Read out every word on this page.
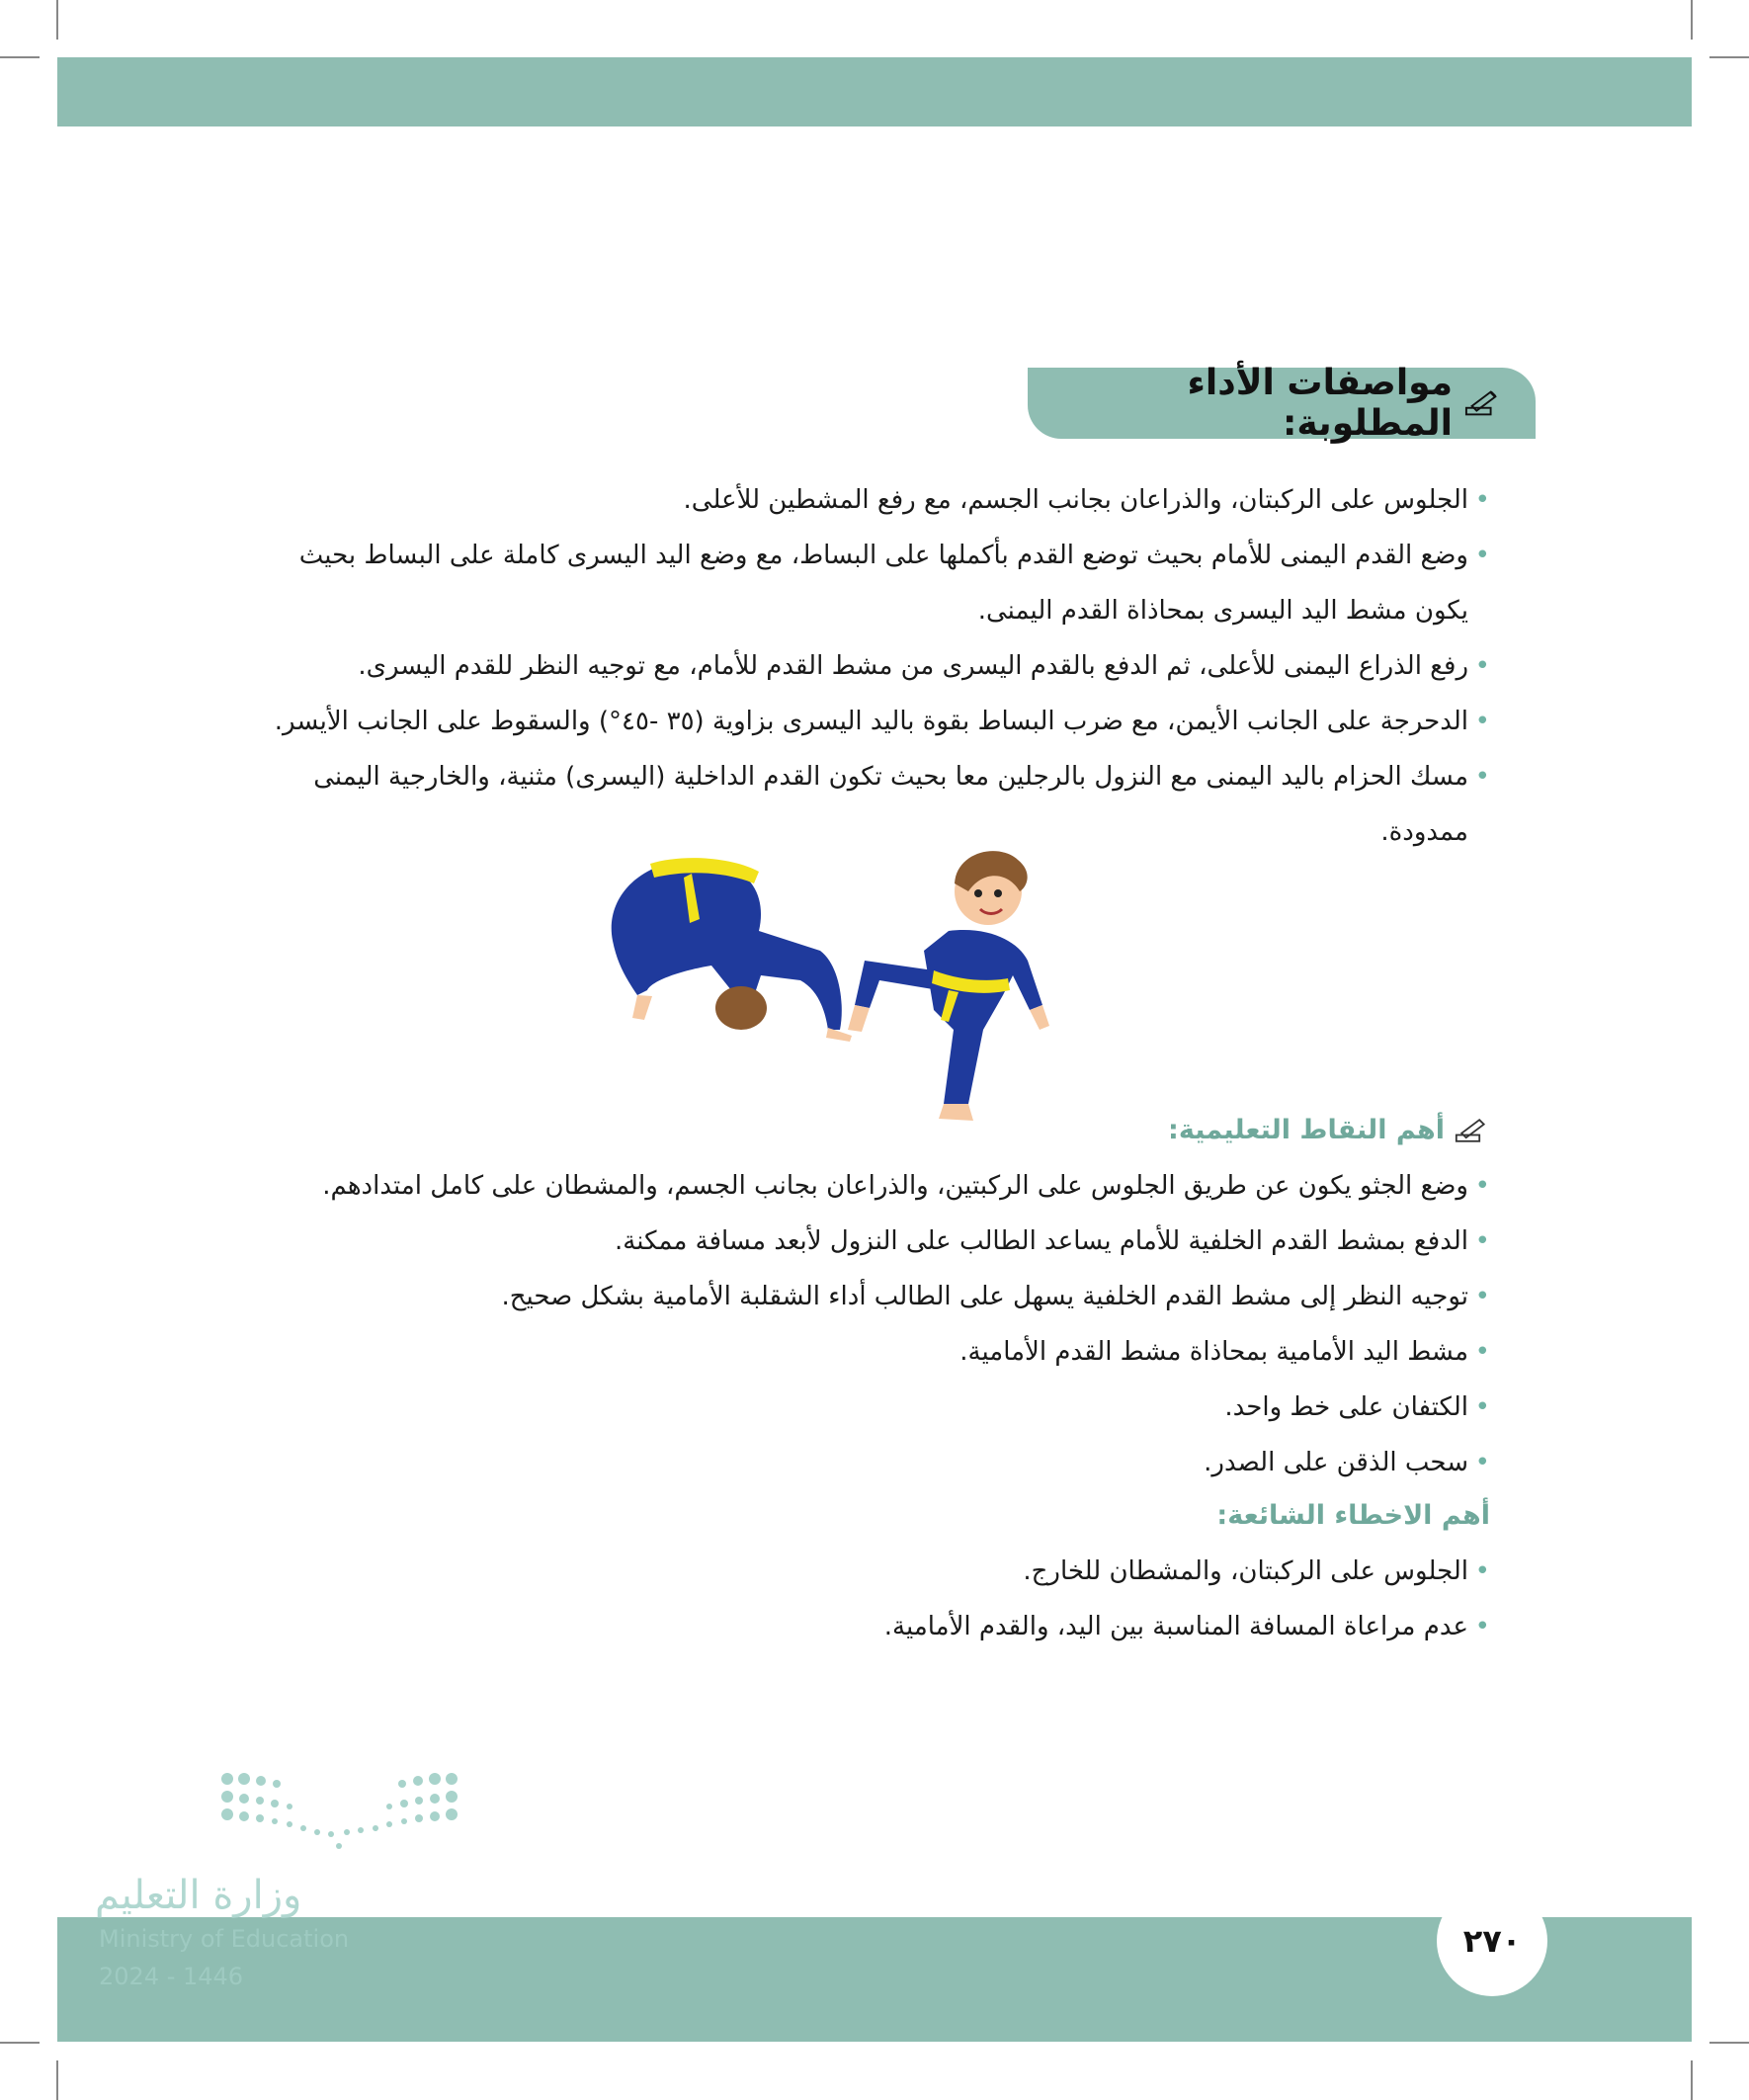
مواصفات الأداء المطلوبة:
• الجلوس على الركبتان، والذراعان بجانب الجسم، مع رفع المشطين للأعلى.
• وضع القدم اليمنى للأمام بحيث توضع القدم بأكملها على البساط، مع وضع اليد اليسرى كاملة على البساط بحيث يكون مشط اليد اليسرى بمحاذاة القدم اليمنى.
• رفع الذراع اليمنى للأعلى، ثم الدفع بالقدم اليسرى من مشط القدم للأمام، مع توجيه النظر للقدم اليسرى.
• الدحرجة على الجانب الأيمن، مع ضرب البساط بقوة باليد اليسرى بزاوية (٣٥ -٤٥°) والسقوط على الجانب الأيسر.
• مسك الحزام باليد اليمنى مع النزول بالرجلين معا بحيث تكون القدم الداخلية (اليسرى) مثنية، والخارجية اليمنى ممدودة.
أهم النقاط التعليمية:
• وضع الجثو يكون عن طريق الجلوس على الركبتين، والذراعان بجانب الجسم، والمشطان على كامل امتدادهم.
• الدفع بمشط القدم الخلفية للأمام يساعد الطالب على النزول لأبعد مسافة ممكنة.
• توجيه النظر إلى مشط القدم الخلفية يسهل على الطالب أداء الشقلبة الأمامية بشكل صحيح.
• مشط اليد الأمامية بمحاذاة مشط القدم الأمامية.
• الكتفان على خط واحد.
• سحب الذقن على الصدر.
أهم الاخطاء الشائعة:
• الجلوس على الركبتان، والمشطان للخارج.
• عدم مراعاة المسافة المناسبة بين اليد، والقدم الأمامية.
وزارة التعليم
Ministry of Education
2024 - 1446
٢٧٠
